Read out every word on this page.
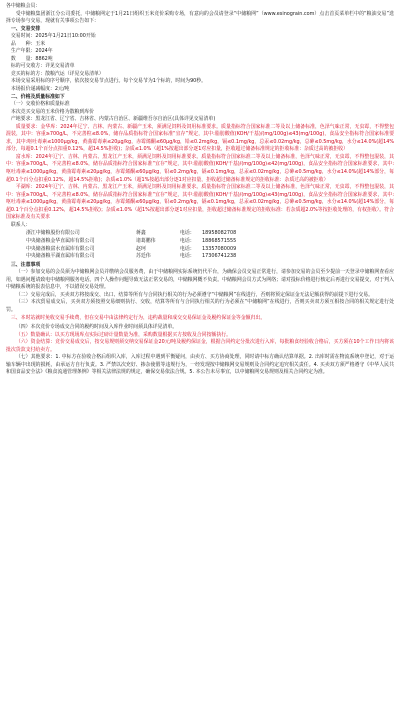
各中储粮会员：

受中储粮集团浙江分公司委托，中储粮网定于1月21日组织玉米竞价采购专场，有意向的会员请登录“中储粮网”（www.esinograin.com）点击首页菜单栏中的“粮油交易”选择专场参与交易，现就有关事项公告如下：

一、交易安排

交易时间：2025年1月21日10:00开始

品　　种：玉米

生产年限：2024年

数　　量：8862吨

标的可交收方：详见交易清单

竞买的标的方：散粮汽运（详见交易清单）

本场交易采用标的序号顺序，依次按交易节点进行。每个交易节为1个标的，时间为90秒。

本场报价递减幅度：2元/吨

二、价格及质量标准如下

（一）交收价格和质量标准

本次竞买交易的玉米价格为散粮到库价

产地要求：黑龙江省、辽宁省、吉林省、内蒙古自治区、新疆维吾尔自治区(具体详见交易清单)

质量要求：金华库：2024年辽宁、吉林、内蒙古、新疆产玉米，须满足饲料及饲用标准要求。质量指标符合国家标准二等及以上储备标准，色泽气味正常，无虫霉，不得整包混装，其中：容重≥700g/L，不完善粒≤8.0%，储存品质指标符合国家标准“宜存”规定，其中:脂肪酸值(KOH/干基)/(mg/100g)≤43(mg/100g)，食品安全指标符合国家标准要求，其中:呕吐毒素≤1000μg/kg，黄曲霉毒素≤20μg/kg，赤霉烯酮≤60μg/kg，铅≤0.2mg/kg，镉≤0.1mg/kg，总汞≤0.02mg/kg，总砷≤0.5mg/kg，水分≤14.0%(超14%部分，每超0.1个百分点扣重0.12%，超14.5%拒收)；杂质≤1.0%（超1%按超出部分逐1对应扣量，拒收超过储备标准规定的拒收标准：杂质过高的被拒收）

富水库：2024年辽宁、吉林、内蒙古、黑龙江产玉米，须满足饲料及饲用标准要求。质量指标符合国家标准二等及以上储备标准，色泽气味正常，无虫霉，不得整包混装，其中：容重≥700g/L，不完善粒≤8.0%，储存品质指标符合国家标准“宜存”规定，其中:脂肪酸值(KOH/干基)/(mg/100g)≤42(mg/100g)，食品安全指标符合国家标准要求，其中:呕吐毒素≤1000μg/kg，黄曲霉毒素≤20μg/kg，赤霉烯酮≤60μg/kg，铅≤0.2mg/kg，镉≤0.1mg/kg，总汞≤0.02mg/kg，总砷≤0.5mg/kg，水分≤14.0%(超14%部分，每超0.1个百分点扣重0.12%，超14.5%拒收)；杂质≤1.0%（超1%按超出部分逐1对应扣量，拒收超过储备标准规定的拒收标准：杂质过高的被拒收）

平湖库：2024年辽宁、吉林、内蒙古、黑龙江产玉米，须满足饲料及饲用标准要求。质量指标符合国家标准二等及以上储备标准，色泽气味正常，无虫霉，不得整包混装，其中：容重≥700g/L，不完善粒≤8.0%，储存品质指标符合国家标准“宜存”规定，其中:脂肪酸值(KOH/干基)/(mg/100g)≤43(mg/100g)，食品安全指标符合国家标准要求，其中:呕吐毒素≤1000μg/kg，黄曲霉毒素≤20μg/kg，赤霉烯酮≤60μg/kg，铅≤0.2mg/kg，镉≤0.1mg/kg，总汞≤0.02mg/kg，总砷≤0.5mg/kg，水分≤14.0%(超14%部分，每超0.1个百分点扣重0.12%，超14.5%拒收)；杂质≤1.0%（超1%按超出部分逐1对应扣量，拒收超过储备标准规定的拒收标准：若杂质超2.0%等按拒收处理的，有权拒收）。符合国家标准及有关要求

联系人：

浙江中储粮股份有限公司	蒋鑫	电话：	18958082708
中央储备粮金华直属库有限公司	诸葛鹏伟	电话：	18868571555
中央储备粮富水直属库有限公司	赵珂	电话：	13357080009
中央储备粮平湖直属库有限公司	苏廷伟	电话：	17306741238

三、注意事项

（一）参加交易的会员须为中储粮网会员并缴纳会员服务费，由于中储粮网实际系统仍代平台，为确保会员交易正常进行，请参加交易的会员至少提前一天登录中储粮网查看应用，如遇问题请致电中储粮网服务电话。四个人操作问题导致无法正常交易的，中储粮网概不负责。中储粮网会员方式为网络；请对投标价格进行核定后再进行交易提交，对于判入中储粮系统的报表信息中，不以错误交易处理。

（二）交易完成后，买卖双方将按成交、出口、结算等所有与合同执行相关的行为必须遵守“中储粮网”在线进行，否则将预定保证金无法足额获得的前提下进行交易。

（三）本次贸易成交后，买卖双方须按照交易细则执行、交收，结算等所有与合同执行相关的行为必须在“中储粮网”在线进行，否则买卖双方须互相按合同的相关规定进行处罚。

三、本时站就时免收交易手续费，但在交易中由法律约定行为，违约裁量和成交交易保证金及履约保证金等金额归出。

（四）本次竞价专场成交合同的履约时间及入库作业时间须具体详见清单。

（五）数量确认：以买方现场库点实际过磅计量数量为准，采购数量根据买方按收及合同按额执行。

（六）资金结算：竞价交易成交后，按交易规则须交纳交易保证金20元/吨及履约保证金，根据合同约定分批次进行入库，每批粮食经验收合格后，买方须在10个工作日内将该批次货款支付给卖方。

（七）其他要求：1. 中标方在验收合格后组织入库，入库过程中遇到平衡疑问，由卖方、买方协商处理，同时请中标方确认结算单据。2. 出库时需在物流系统中登记，对于运输车辆中出现的损耗，由承运方自行负责。3. 严禁以次充好、掺杂使假等违规行为，一经发现按中储粮网交易规则及合同约定追究相关责任。4. 买卖双方须严格遵守《中华人民共和国食品安全法》《粮食流通管理条例》等相关法律法规的规定，确保交易依法合规。5. 本公告未尽事宜，以中储粮网交易规则及相关合同约定为准。
